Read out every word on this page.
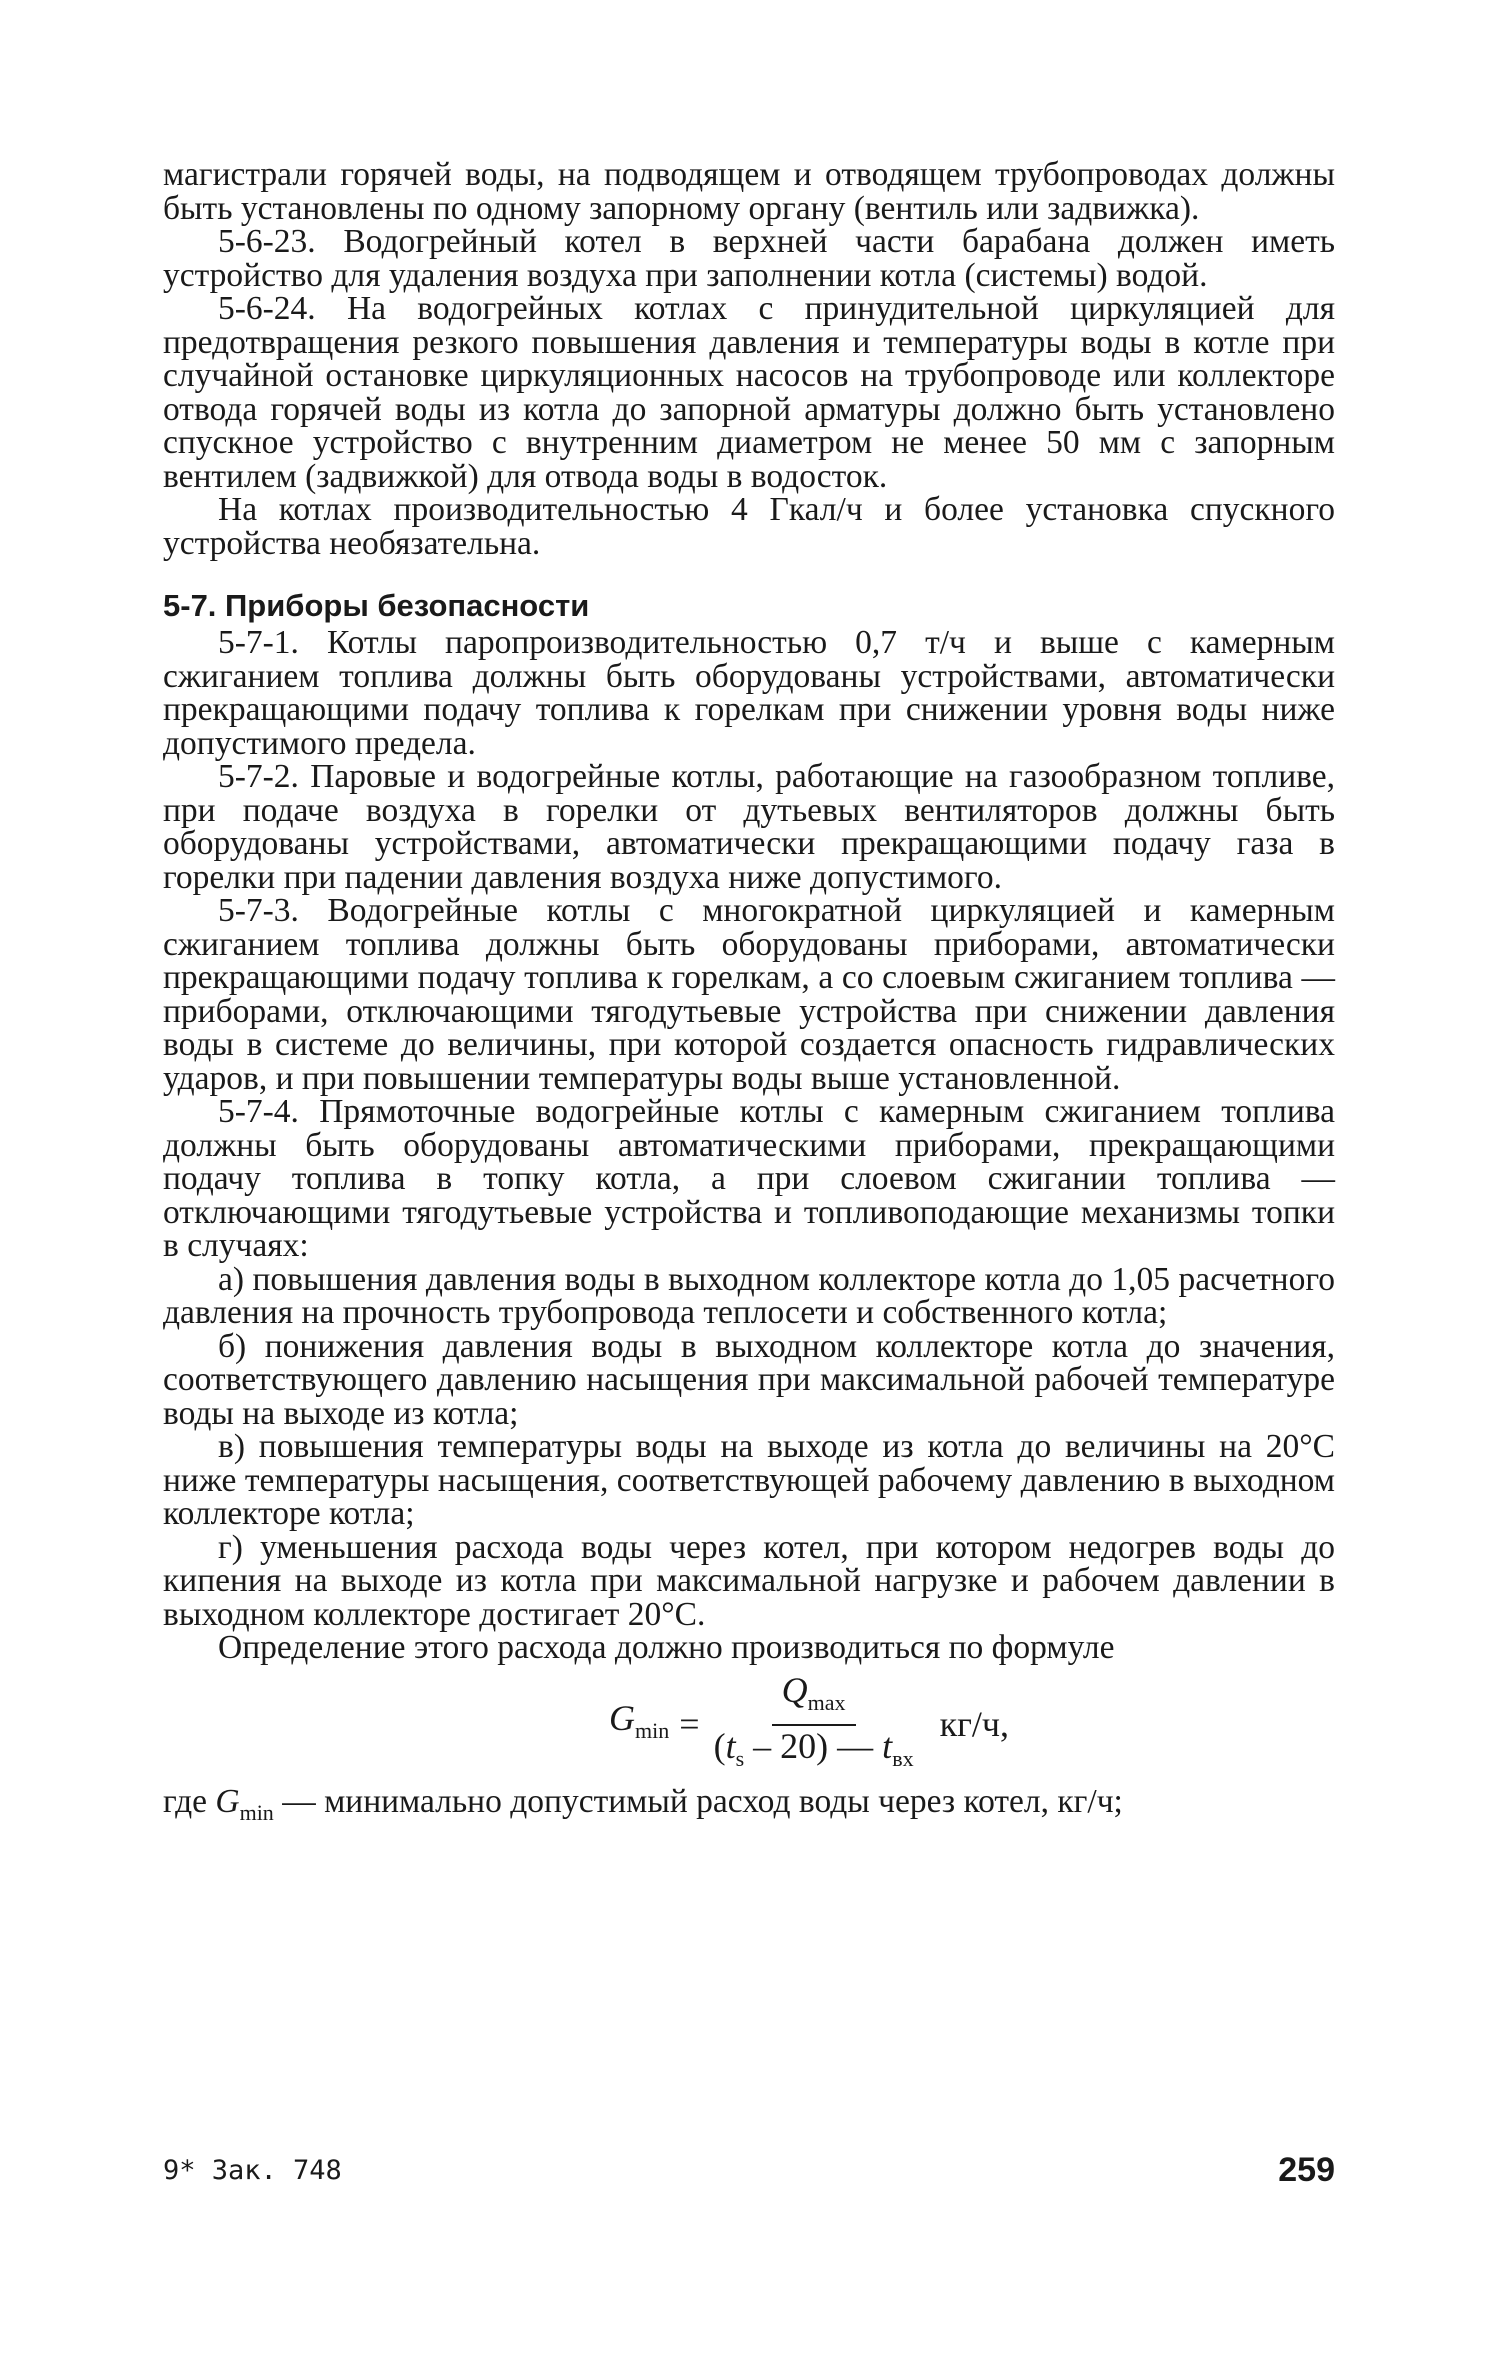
магистрали горячей воды, на подводящем и отводящем трубопроводах должны быть установлены по одному запорному органу (вентиль или задвижка).

5-6-23. Водогрейный котел в верхней части барабана должен иметь устройство для удаления воздуха при заполнении котла (системы) водой.

5-6-24. На водогрейных котлах с принудительной циркуляцией для предотвращения резкого повышения давления и температуры воды в котле при случайной остановке циркуляционных насосов на трубопроводе или коллекторе отвода горячей воды из котла до запорной арматуры должно быть установлено спускное устройство с внутренним диаметром не менее 50 мм с запорным вентилем (задвижкой) для отвода воды в водосток.

На котлах производительностью 4 Гкал/ч и более установка спускного устройства необязательна.

5-7. Приборы безопасности

5-7-1. Котлы паропроизводительностью 0,7 т/ч и выше с камерным сжиганием топлива должны быть оборудованы устройствами, автоматически прекращающими подачу топлива к горелкам при снижении уровня воды ниже допустимого предела.

5-7-2. Паровые и водогрейные котлы, работающие на газообразном топливе, при подаче воздуха в горелки от дутьевых вентиляторов должны быть оборудованы устройствами, автоматически прекращающими подачу газа в горелки при падении давления воздуха ниже допустимого.

5-7-3. Водогрейные котлы с многократной циркуляцией и камерным сжиганием топлива должны быть оборудованы приборами, автоматически прекращающими подачу топлива к горелкам, а со слоевым сжиганием топлива — приборами, отключающими тягодутьевые устройства при снижении давления воды в системе до величины, при которой создается опасность гидравлических ударов, и при повышении температуры воды выше установленной.

5-7-4. Прямоточные водогрейные котлы с камерным сжиганием топлива должны быть оборудованы автоматическими приборами, прекращающими подачу топлива в топку котла, а при слоевом сжигании топлива — отключающими тягодутьевые устройства и топливоподающие механизмы топки в случаях:

а) повышения давления воды в выходном коллекторе котла до 1,05 расчетного давления на прочность трубопровода теплосети и собственного котла;

б) понижения давления воды в выходном коллекторе котла до значения, соответствующего давлению насыщения при максимальной рабочей температуре воды на выходе из котла;

в) повышения температуры воды на выходе из котла до величины на 20°С ниже температуры насыщения, соответствующей рабочему давлению в выходном коллекторе котла;

г) уменьшения расхода воды через котел, при котором недогрев воды до кипения на выходе из котла при максимальной нагрузке и рабочем давлении в выходном коллекторе достигает 20°С.

Определение этого расхода должно производиться по формуле

$G_{min} = \frac{Q_{max}}{(t_s - 20) — t_{вх}} кг/ч$,

где $G_{min}$ — минимально допустимый расход воды через котел, кг/ч;

9* Зак. 748	259
